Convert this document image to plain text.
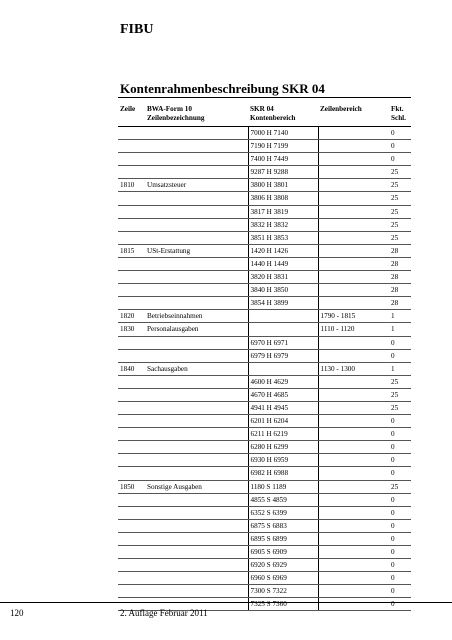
FIBU
Kontenrahmenbeschreibung SKR 04
Zeile	BWA-Form 10	SKR 04	Zeilenbereich	Fkt.
	Zeilenbezeichnung	Kontenbereich		Schl.
		7000 H 7140		0
		7190 H 7199		0
		7400 H 7449		0
		9287 H 9288		25
1810	Umsatzsteuer	3800 H 3801		25
		3806 H 3808		25
		3817 H 3819		25
		3832 H 3832		25
		3851 H 3853		25
1815	USt-Erstattung	1420 H 1426		28
		1440 H 1449		28
		3820 H 3831		28
		3840 H 3850		28
		3854 H 3899		28
1820	Betriebseinnahmen		1790 - 1815	1
1830	Personalausgaben		1110 - 1120	1
		6970 H 6971		0
		6979 H 6979		0
1840	Sachausgaben		1130 - 1300	1
		4600 H 4629		25
		4670 H 4685		25
		4941 H 4945		25
		6201 H 6204		0
		6211 H 6219		0
		6280 H 6299		0
		6930 H 6959		0
		6982 H 6988		0
1850	Sonstige Ausgaben	1180 S 1189		25
		4855 S 4859		0
		6352 S 6399		0
		6875 S 6883		0
		6895 S 6899		0
		6905 S 6909		0
		6920 S 6929		0
		6960 S 6969		0
		7300 S 7322		0
		7325 S 7360		0
120	2. Auflage Februar 2011
